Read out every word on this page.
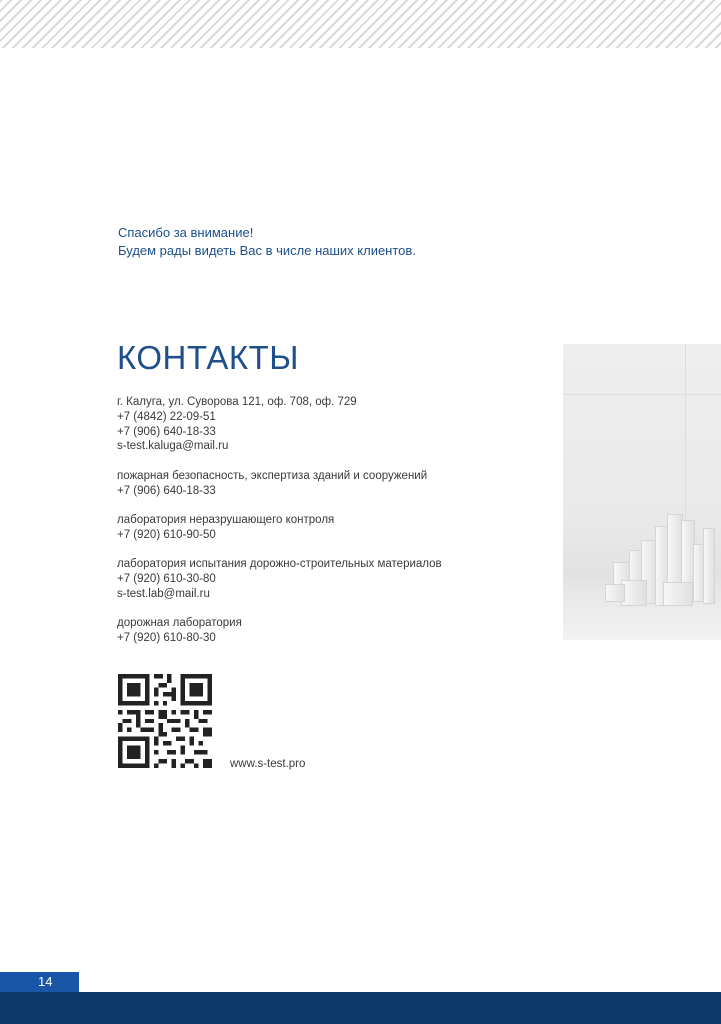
Спасибо за внимание!
Будем рады видеть Вас в числе наших клиентов.
КОНТАКТЫ
г. Калуга, ул. Суворова 121, оф. 708, оф. 729
+7 (4842) 22-09-51
+7 (906) 640-18-33
s-test.kaluga@mail.ru
пожарная безопасность, экспертиза зданий и сооружений
+7 (906) 640-18-33
лаборатория неразрушающего контроля
+7 (920) 610-90-50
лаборатория испытания дорожно-строительных материалов
+7 (920) 610-30-80
s-test.lab@mail.ru
дорожная лаборатория
+7 (920) 610-80-30
www.s-test.pro
14
